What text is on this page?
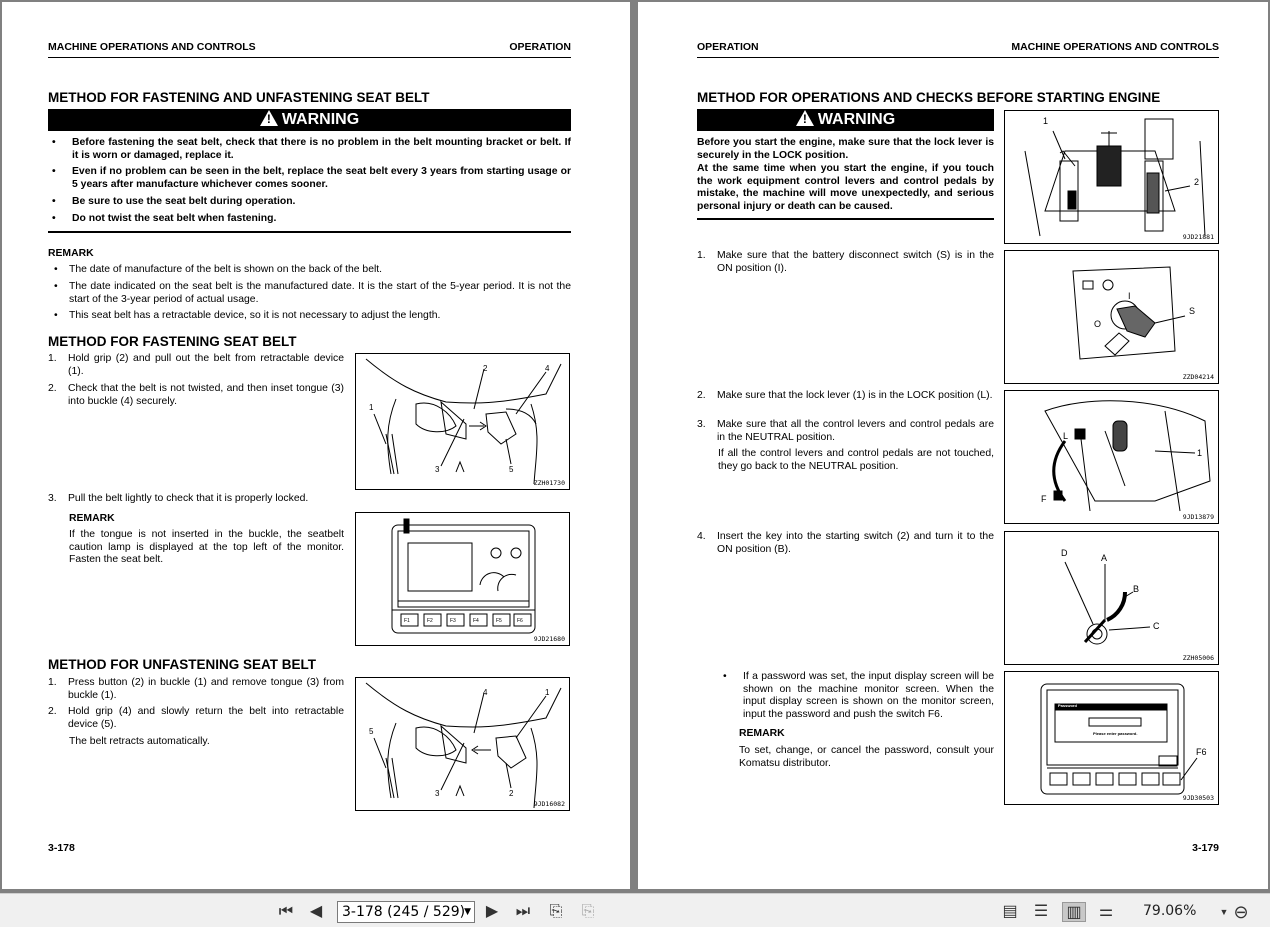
MACHINE OPERATIONS AND CONTROLS	OPERATION
METHOD FOR FASTENING AND UNFASTENING SEAT BELT
!WARNING
• Before fastening the seat belt, check that there is no problem in the belt mounting bracket or belt. If it is worn or damaged, replace it.
• Even if no problem can be seen in the belt, replace the seat belt every 3 years from starting usage or 5 years after manufacture whichever comes sooner.
• Be sure to use the seat belt during operation.
• Do not twist the seat belt when fastening.
REMARK
• The date of manufacture of the belt is shown on the back of the belt.
• The date indicated on the seat belt is the manufactured date. It is the start of the 5-year period. It is not the start of the 3-year period of actual usage.
• This seat belt has a retractable device, so it is not necessary to adjust the length.
METHOD FOR FASTENING SEAT BELT
1. Hold grip (2) and pull out the belt from retractable device (1).
2. Check that the belt is not twisted, and then inset tongue (3) into buckle (4) securely.
3. Pull the belt lightly to check that it is properly locked.
REMARK
If the tongue is not inserted in the buckle, the seatbelt caution lamp is displayed at the top left of the monitor. Fasten the seat belt.
1
2
3
4
5
ZZH01730
F1	F2	F3	F4	F5	F6
9JD21680
METHOD FOR UNFASTENING SEAT BELT
1. Press button (2) in buckle (1) and remove tongue (3) from buckle (1).
2. Hold grip (4) and slowly return the belt into retractable device (5).
The belt retracts automatically.
5
4
3
1
2
9JD16082
3-178
OPERATION	MACHINE OPERATIONS AND CONTROLS
METHOD FOR OPERATIONS AND CHECKS BEFORE STARTING ENGINE
!WARNING
Before you start the engine, make sure that the lock lever is securely in the LOCK position.
At the same time when you start the engine, if you touch the work equipment control levers and control pedals by mistake, the machine will move unexpectedly, and serious personal injury or death can be caused.
1. Make sure that the battery disconnect switch (S) is in the ON position (I).
2. Make sure that the lock lever (1) is in the LOCK position (L).
3. Make sure that all the control levers and control pedals are in the NEUTRAL position.
If all the control levers and control pedals are not touched, they go back to the NEUTRAL position.
4. Insert the key into the starting switch (2) and turn it to the ON position (B).
• If a password was set, the input display screen will be shown on the machine monitor screen. When the input display screen is shown on the monitor screen, input the password and push the switch F6.
REMARK
To set, change, or cancel the password, consult your Komatsu distributor.
1
2
9JD21881
S
I
O
ZZD04214
L
F
1
9JD13879
D	A
B
C
ZZH05006
Password
Please enter password.
F6
9JD30503
3-179
⏮ ◀	3-178 (245 / 529)
▼ ▶ ⏭ ⎘ ⎘	▤ ☰ ▥ ⚌ 79.06%	▼ ⊖
